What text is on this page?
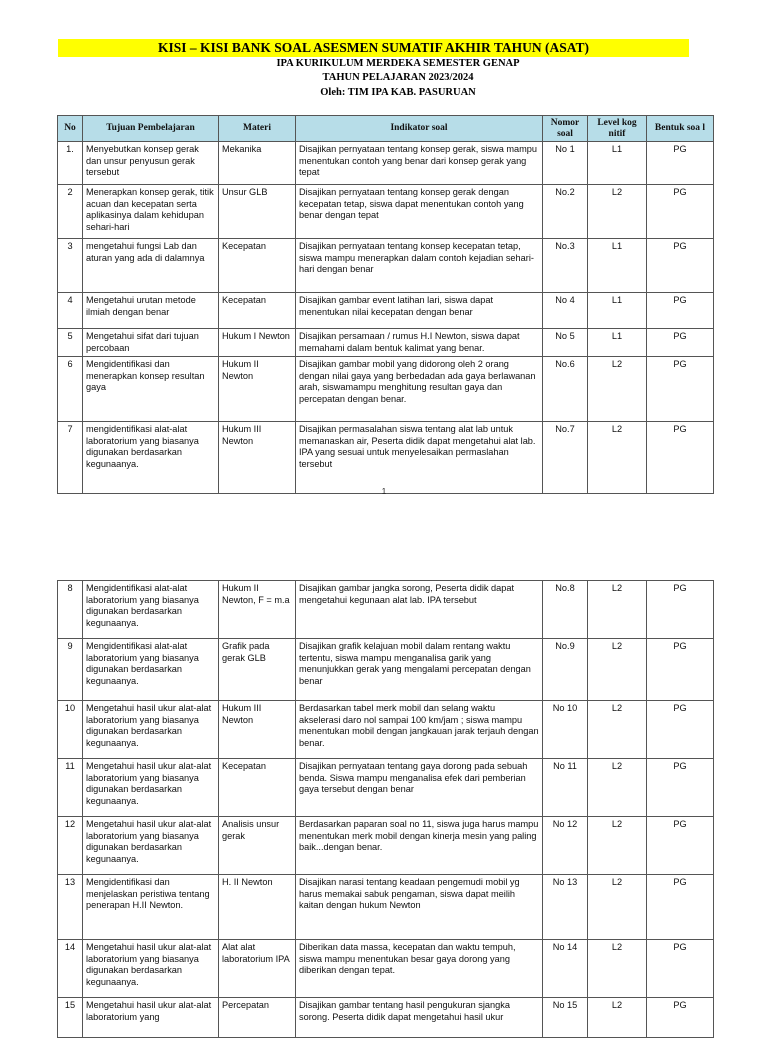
KISI – KISI BANK SOAL ASESMEN SUMATIF AKHIR TAHUN (ASAT)
IPA KURIKULUM MERDEKA SEMESTER GENAP
TAHUN PELAJARAN 2023/2024
Oleh: TIM IPA KAB. PASURUAN
No	Tujuan Pembelajaran	Materi	Indikator soal	Nomor soal	Level kog nitif	Bentuk soa l
1.	Menyebutkan konsep gerak dan unsur penyusun gerak tersebut	Mekanika	Disajikan pernyataan tentang konsep gerak, siswa mampu menentukan contoh yang benar dari konsep gerak yang tepat	No 1	L1	PG
2	Menerapkan konsep gerak, titik acuan dan kecepatan serta aplikasinya dalam kehidupan sehari-hari	Unsur GLB	Disajikan pernyataan tentang konsep gerak dengan kecepatan tetap, siswa dapat menentukan contoh yang benar dengan tepat	No.2	L2	PG
3	mengetahui fungsi Lab dan aturan yang ada di dalamnya	Kecepatan	Disajikan pernyataan tentang konsep kecepatan tetap, siswa mampu menerapkan dalam contoh kejadian sehari-hari dengan benar	No.3	L1	PG
4	Mengetahui urutan metode ilmiah dengan benar	Kecepatan	Disajikan gambar event latihan lari, siswa dapat menentukan nilai kecepatan dengan benar	No 4	L1	PG
5	Mengetahui sifat dari tujuan percobaan	Hukum I Newton	Disajikan persamaan / rumus H.I Newton, siswa dapat memahami dalam bentuk kalimat yang benar.	No 5	L1	PG
6	Mengidentifikasi dan menerapkan konsep resultan gaya	Hukum II Newton	Disajikan gambar mobil yang didorong oleh 2 orang dengan nilai gaya yang berbedadan ada gaya berlawanan arah, siswamampu menghitung resultan gaya dan percepatan dengan benar.	No.6	L2	PG
7	mengidentifikasi alat-alat laboratorium yang biasanya digunakan berdasarkan kegunaanya.	Hukum III Newton	Disajikan permasalahan siswa tentang alat lab untuk memanaskan air, Peserta didik dapat mengetahui alat lab. IPA yang sesuai untuk menyelesaikan permaslahan tersebut	No.7	L2	PG
1
8	Mengidentifikasi alat-alat laboratorium yang biasanya digunakan berdasarkan kegunaanya.	Hukum II Newton, F = m.a	Disajikan gambar jangka sorong, Peserta didik dapat mengetahui kegunaan alat lab. IPA tersebut	No.8	L2	PG
9	Mengidentifikasi alat-alat laboratorium yang biasanya digunakan berdasarkan kegunaanya.	Grafik pada gerak GLB	Disajikan grafik kelajuan mobil dalam rentang waktu tertentu, siswa mampu menganalisa garik yang menunjukkan gerak yang mengalami percepatan dengan benar	No.9	L2	PG
10	Mengetahui hasil ukur alat-alat laboratorium yang biasanya digunakan berdasarkan kegunaanya.	Hukum III Newton	Berdasarkan tabel merk mobil dan selang waktu akselerasi daro nol sampai 100 km/jam ; siswa mampu menentukan mobil dengan jangkauan jarak terjauh dengan benar.	No 10	L2	PG
11	Mengetahui hasil ukur alat-alat laboratorium yang biasanya digunakan berdasarkan kegunaanya.	Kecepatan	Disajikan pernyataan tentang gaya dorong pada sebuah benda. Siswa mampu menganalisa efek dari pemberian gaya tersebut dengan benar	No 11	L2	PG
12	Mengetahui hasil ukur alat-alat laboratorium yang biasanya digunakan berdasarkan kegunaanya.	Analisis unsur gerak	Berdasarkan paparan soal no 11, siswa juga harus mampu menentukan merk mobil dengan kinerja mesin yang paling baik...dengan benar.	No 12	L2	PG
13	Mengidentifikasi dan menjelaskan peristiwa tentang penerapan H.II Newton.	H. II Newton	Disajikan narasi tentang keadaan pengemudi mobil yg harus memakai sabuk pengaman, siswa dapat meilih kaitan dengan hukum Newton	No 13	L2	PG
14	Mengetahui hasil ukur alat-alat laboratorium yang biasanya digunakan berdasarkan kegunaanya.	Alat alat laboratorium IPA	Diberikan data massa, kecepatan dan waktu tempuh, siswa mampu menentukan besar gaya dorong yang diberikan dengan tepat.	No 14	L2	PG
15	Mengetahui hasil ukur alat-alat laboratorium yang	Percepatan	Disajikan gambar tentang hasil pengukuran sjangka sorong. Peserta didik dapat mengetahui hasil ukur	No 15	L2	PG
